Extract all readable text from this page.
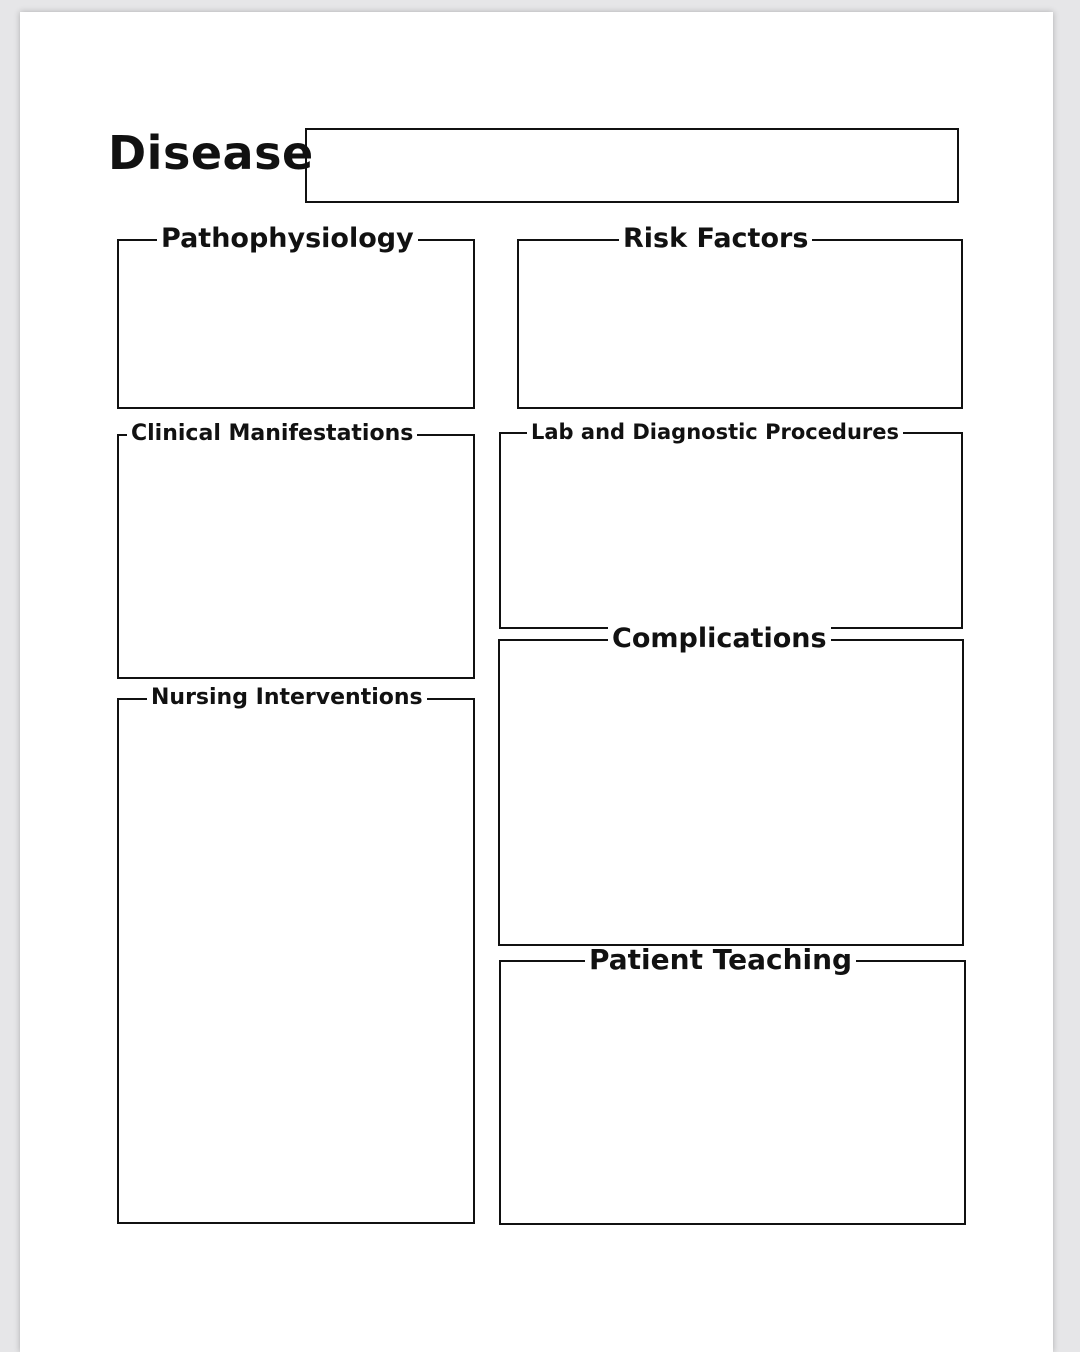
Disease
Pathophysiology	Risk Factors
Clinical Manifestations	Lab and Diagnostic Procedures
Complications
Nursing Interventions
Patient Teaching
